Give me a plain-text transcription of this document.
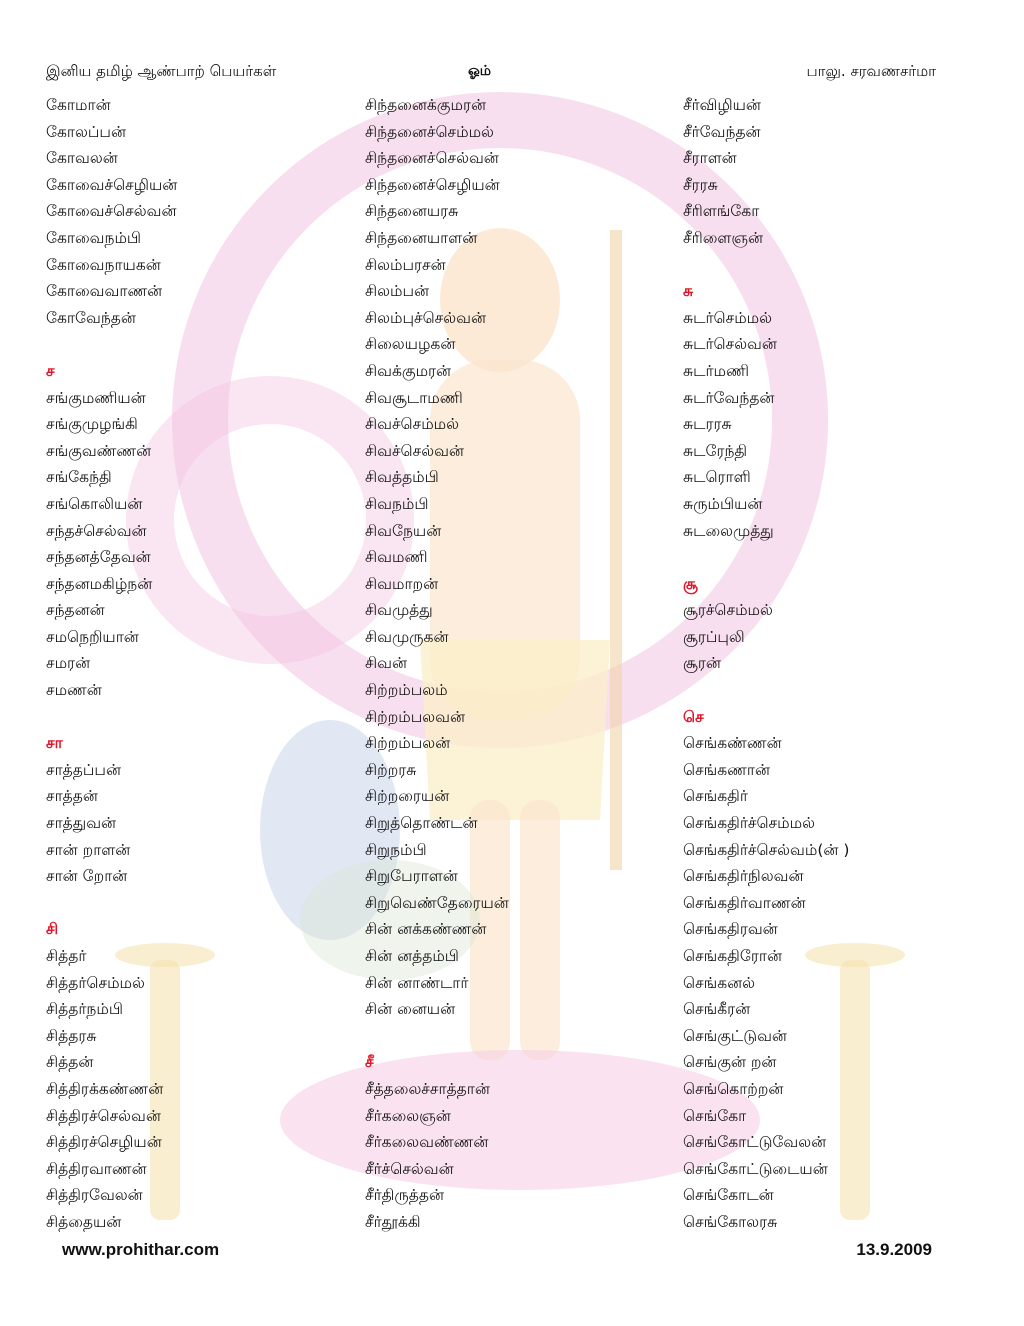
இனிய தமிழ் ஆண்பாற் பெயர்கள்	ஓம்	பாலு. சரவணசர்மா
கோமான்
கோலப்பன்
கோவலன்
கோவைச்செழியன்
கோவைச்செல்வன்
கோவைநம்பி
கோவைநாயகன்
கோவைவாணன்
கோவேந்தன்
ச
சங்குமணியன்
சங்குமுழங்கி
சங்குவண்ணன்
சங்கேந்தி
சங்கொலியன்
சந்தச்செல்வன்
சந்தனத்தேவன்
சந்தனமகிழ்நன்
சந்தனன்
சமநெறியான்
சமரன்
சமணன்
சா
சாத்தப்பன்
சாத்தன்
சாத்துவன்
சான் றாளன்
சான் றோன்
சி
சித்தர்
சித்தர்செம்மல்
சித்தர்நம்பி
சித்தரசு
சித்தன்
சித்திரக்கண்ணன்
சித்திரச்செல்வன்
சித்திரச்செழியன்
சித்திரவாணன்
சித்திரவேலன்
சித்தையன்
சிந்தனைக்குமரன்
சிந்தனைச்செம்மல்
சிந்தனைச்செல்வன்
சிந்தனைச்செழியன்
சிந்தனையரசு
சிந்தனையாளன்
சிலம்பரசன்
சிலம்பன்
சிலம்புச்செல்வன்
சிலையழகன்
சிவக்குமரன்
சிவசூடாமணி
சிவச்செம்மல்
சிவச்செல்வன்
சிவத்தம்பி
சிவநம்பி
சிவநேயன்
சிவமணி
சிவமாறன்
சிவமுத்து
சிவமுருகன்
சிவன்
சிற்றம்பலம்
சிற்றம்பலவன்
சிற்றம்பலன்
சிற்றரசு
சிற்றரையன்
சிறுத்தொண்டன்
சிறுநம்பி
சிறுபேராளன்
சிறுவெண்தேரையன்
சின் னக்கண்ணன்
சின் னத்தம்பி
சின் னாண்டார்
சின் னையன்
சீ
சீத்தலைச்சாத்தான்
சீர்கலைஞன்
சீர்கலைவண்ணன்
சீர்ச்செல்வன்
சீர்திருத்தன்
சீர்தூக்கி
சீர்விழியன்
சீர்வேந்தன்
சீராளன்
சீரரசு
சீரிளங்கோ
சீரிளைஞன்
சு
சுடர்செம்மல்
சுடர்செல்வன்
சுடர்மணி
சுடர்வேந்தன்
சுடரரசு
சுடரேந்தி
சுடரொளி
சுரும்பியன்
சுடலைமுத்து
சூ
சூரச்செம்மல்
சூரப்புலி
சூரன்
செ
செங்கண்ணன்
செங்கணான்
செங்கதிர்
செங்கதிர்ச்செம்மல்
செங்கதிர்ச்செல்வம்(ன் )
செங்கதிர்நிலவன்
செங்கதிர்வாணன்
செங்கதிரவன்
செங்கதிரோன்
செங்கனல்
செங்கீரன்
செங்குட்டுவன்
செங்குன் றன்
செங்கொற்றன்
செங்கோ
செங்கோட்டுவேலன்
செங்கோட்டுடையன்
செங்கோடன்
செங்கோலரசு
www.prohithar.com	13.9.2009
